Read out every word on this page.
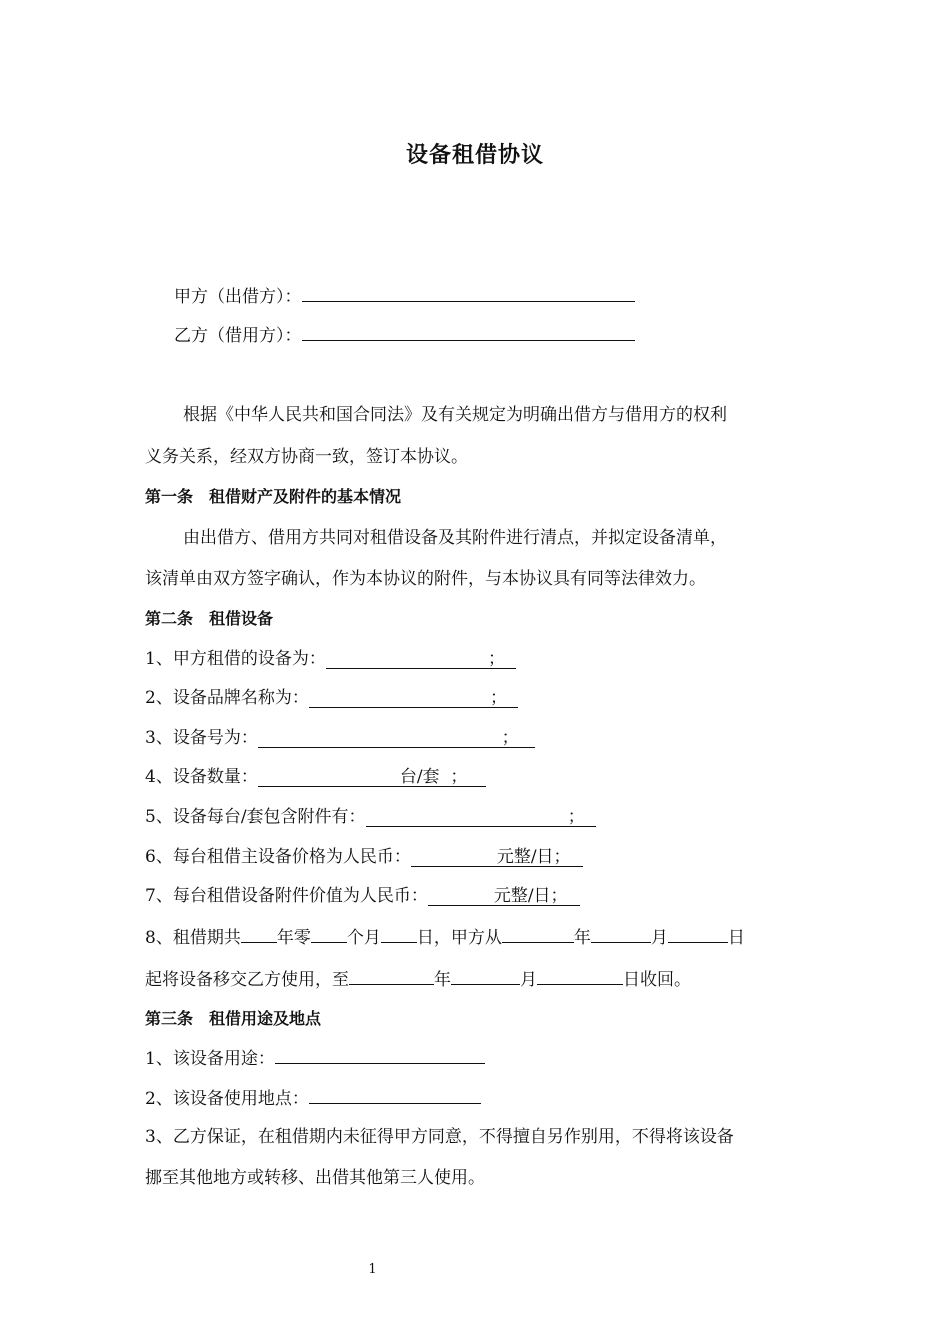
设备租借协议
甲方（出借方）：
乙方（借用方）：
根据《中华人民共和国合同法》及有关规定为明确出借方与借用方的权利
义务关系，经双方协商一致，签订本协议。
第一条　租借财产及附件的基本情况
由出借方、借用方共同对租借设备及其附件进行清点，并拟定设备清单，
该清单由双方签字确认，作为本协议的附件，与本协议具有同等法律效力。
第二条　租借设备
1、甲方租借的设备为：	；
2、设备品牌名称为：	；
3、设备号为：	；
4、设备数量：	台/套 ；
5、设备每台/套包含附件有：	；
6、每台租借主设备价格为人民币：	元整/日；
7、每台租借设备附件价值为人民币：	元整/日；
8、租借期共 年零 个月 日，甲方从	年	月	日
起将设备移交乙方使用，至	年	月	日收回。
第三条　租借用途及地点
1、该设备用途：
2、该设备使用地点：
3、乙方保证，在租借期内未征得甲方同意，不得擅自另作别用，不得将该设备
挪至其他地方或转移、出借其他第三人使用。
1
